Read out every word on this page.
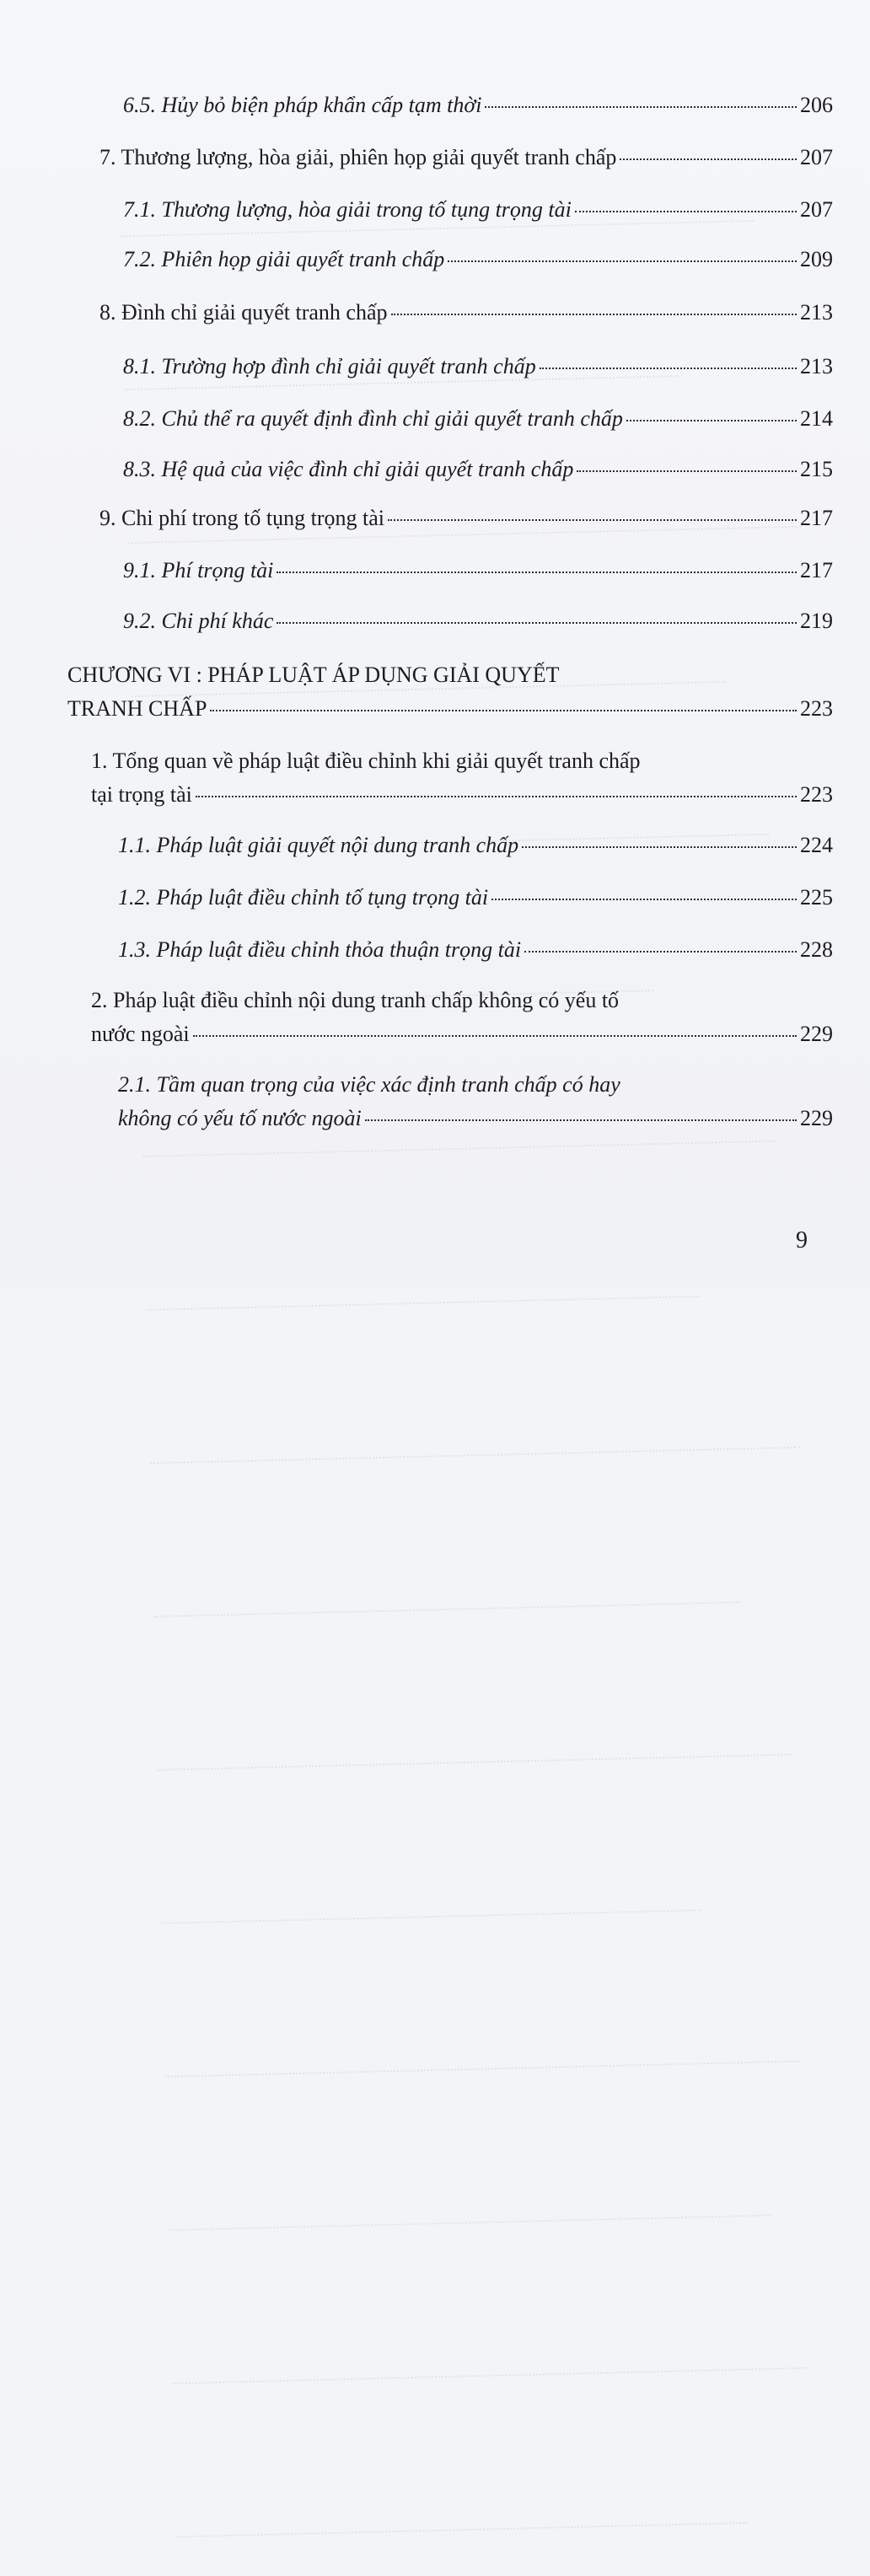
6.5. Hủy bỏ biện pháp khẩn cấp tạm thời	206
7. Thương lượng, hòa giải, phiên họp giải quyết tranh chấp	207
7.1. Thương lượng, hòa giải trong tố tụng trọng tài	207
7.2. Phiên họp giải quyết tranh chấp	209
8. Đình chỉ giải quyết tranh chấp	213
8.1. Trường hợp đình chỉ giải quyết tranh chấp	213
8.2. Chủ thể ra quyết định đình chỉ giải quyết tranh chấp	214
8.3. Hệ quả của việc đình chỉ giải quyết tranh chấp	215
9. Chi phí trong tố tụng trọng tài	217
9.1. Phí trọng tài	217
9.2. Chi phí khác	219
CHƯƠNG VI : PHÁP LUẬT ÁP DỤNG GIẢI QUYẾT
TRANH CHẤP	223
1. Tổng quan về pháp luật điều chỉnh khi giải quyết tranh chấp
tại trọng tài	223
1.1. Pháp luật giải quyết nội dung tranh chấp	224
1.2. Pháp luật điều chỉnh tố tụng trọng tài	225
1.3. Pháp luật điều chỉnh thỏa thuận trọng tài	228
2. Pháp luật điều chỉnh nội dung tranh chấp không có yếu tố
nước ngoài	229
2.1. Tầm quan trọng của việc xác định tranh chấp có hay
không có yếu tố nước ngoài	229
9
